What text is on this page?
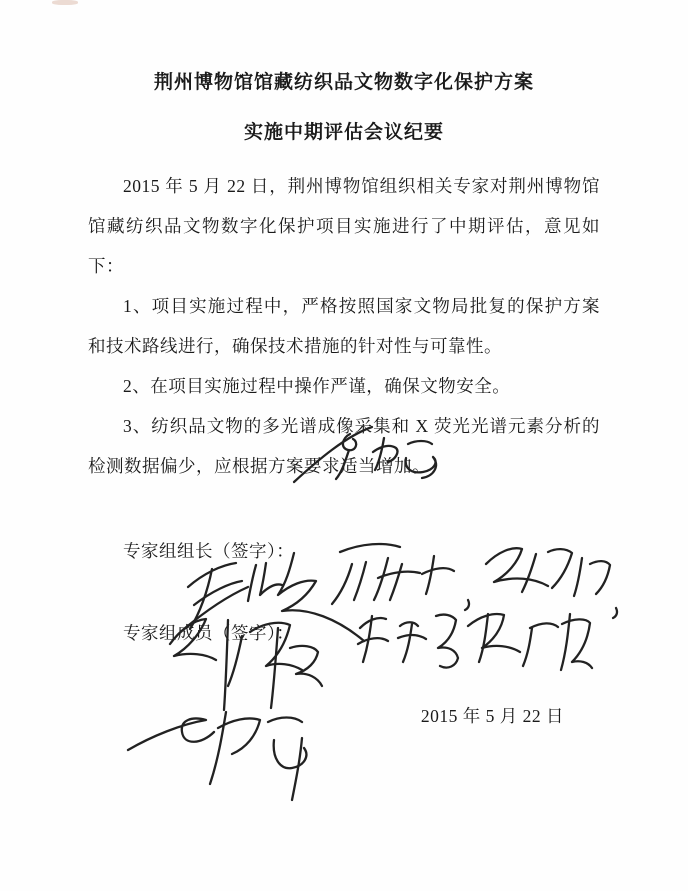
荆州博物馆馆藏纺织品文物数字化保护方案
实施中期评估会议纪要

2015 年 5 月 22 日，荆州博物馆组织相关专家对荆州博物馆馆藏纺织品文物数字化保护项目实施进行了中期评估，意见如下：

1、项目实施过程中，严格按照国家文物局批复的保护方案和技术路线进行，确保技术措施的针对性与可靠性。

2、在项目实施过程中操作严谨，确保文物安全。

3、纺织品文物的多光谱成像采集和 X 荧光光谱元素分析的检测数据偏少，应根据方案要求适当增加。

专家组组长（签字）：

专家组成员（签字）：

2015 年 5 月 22 日
